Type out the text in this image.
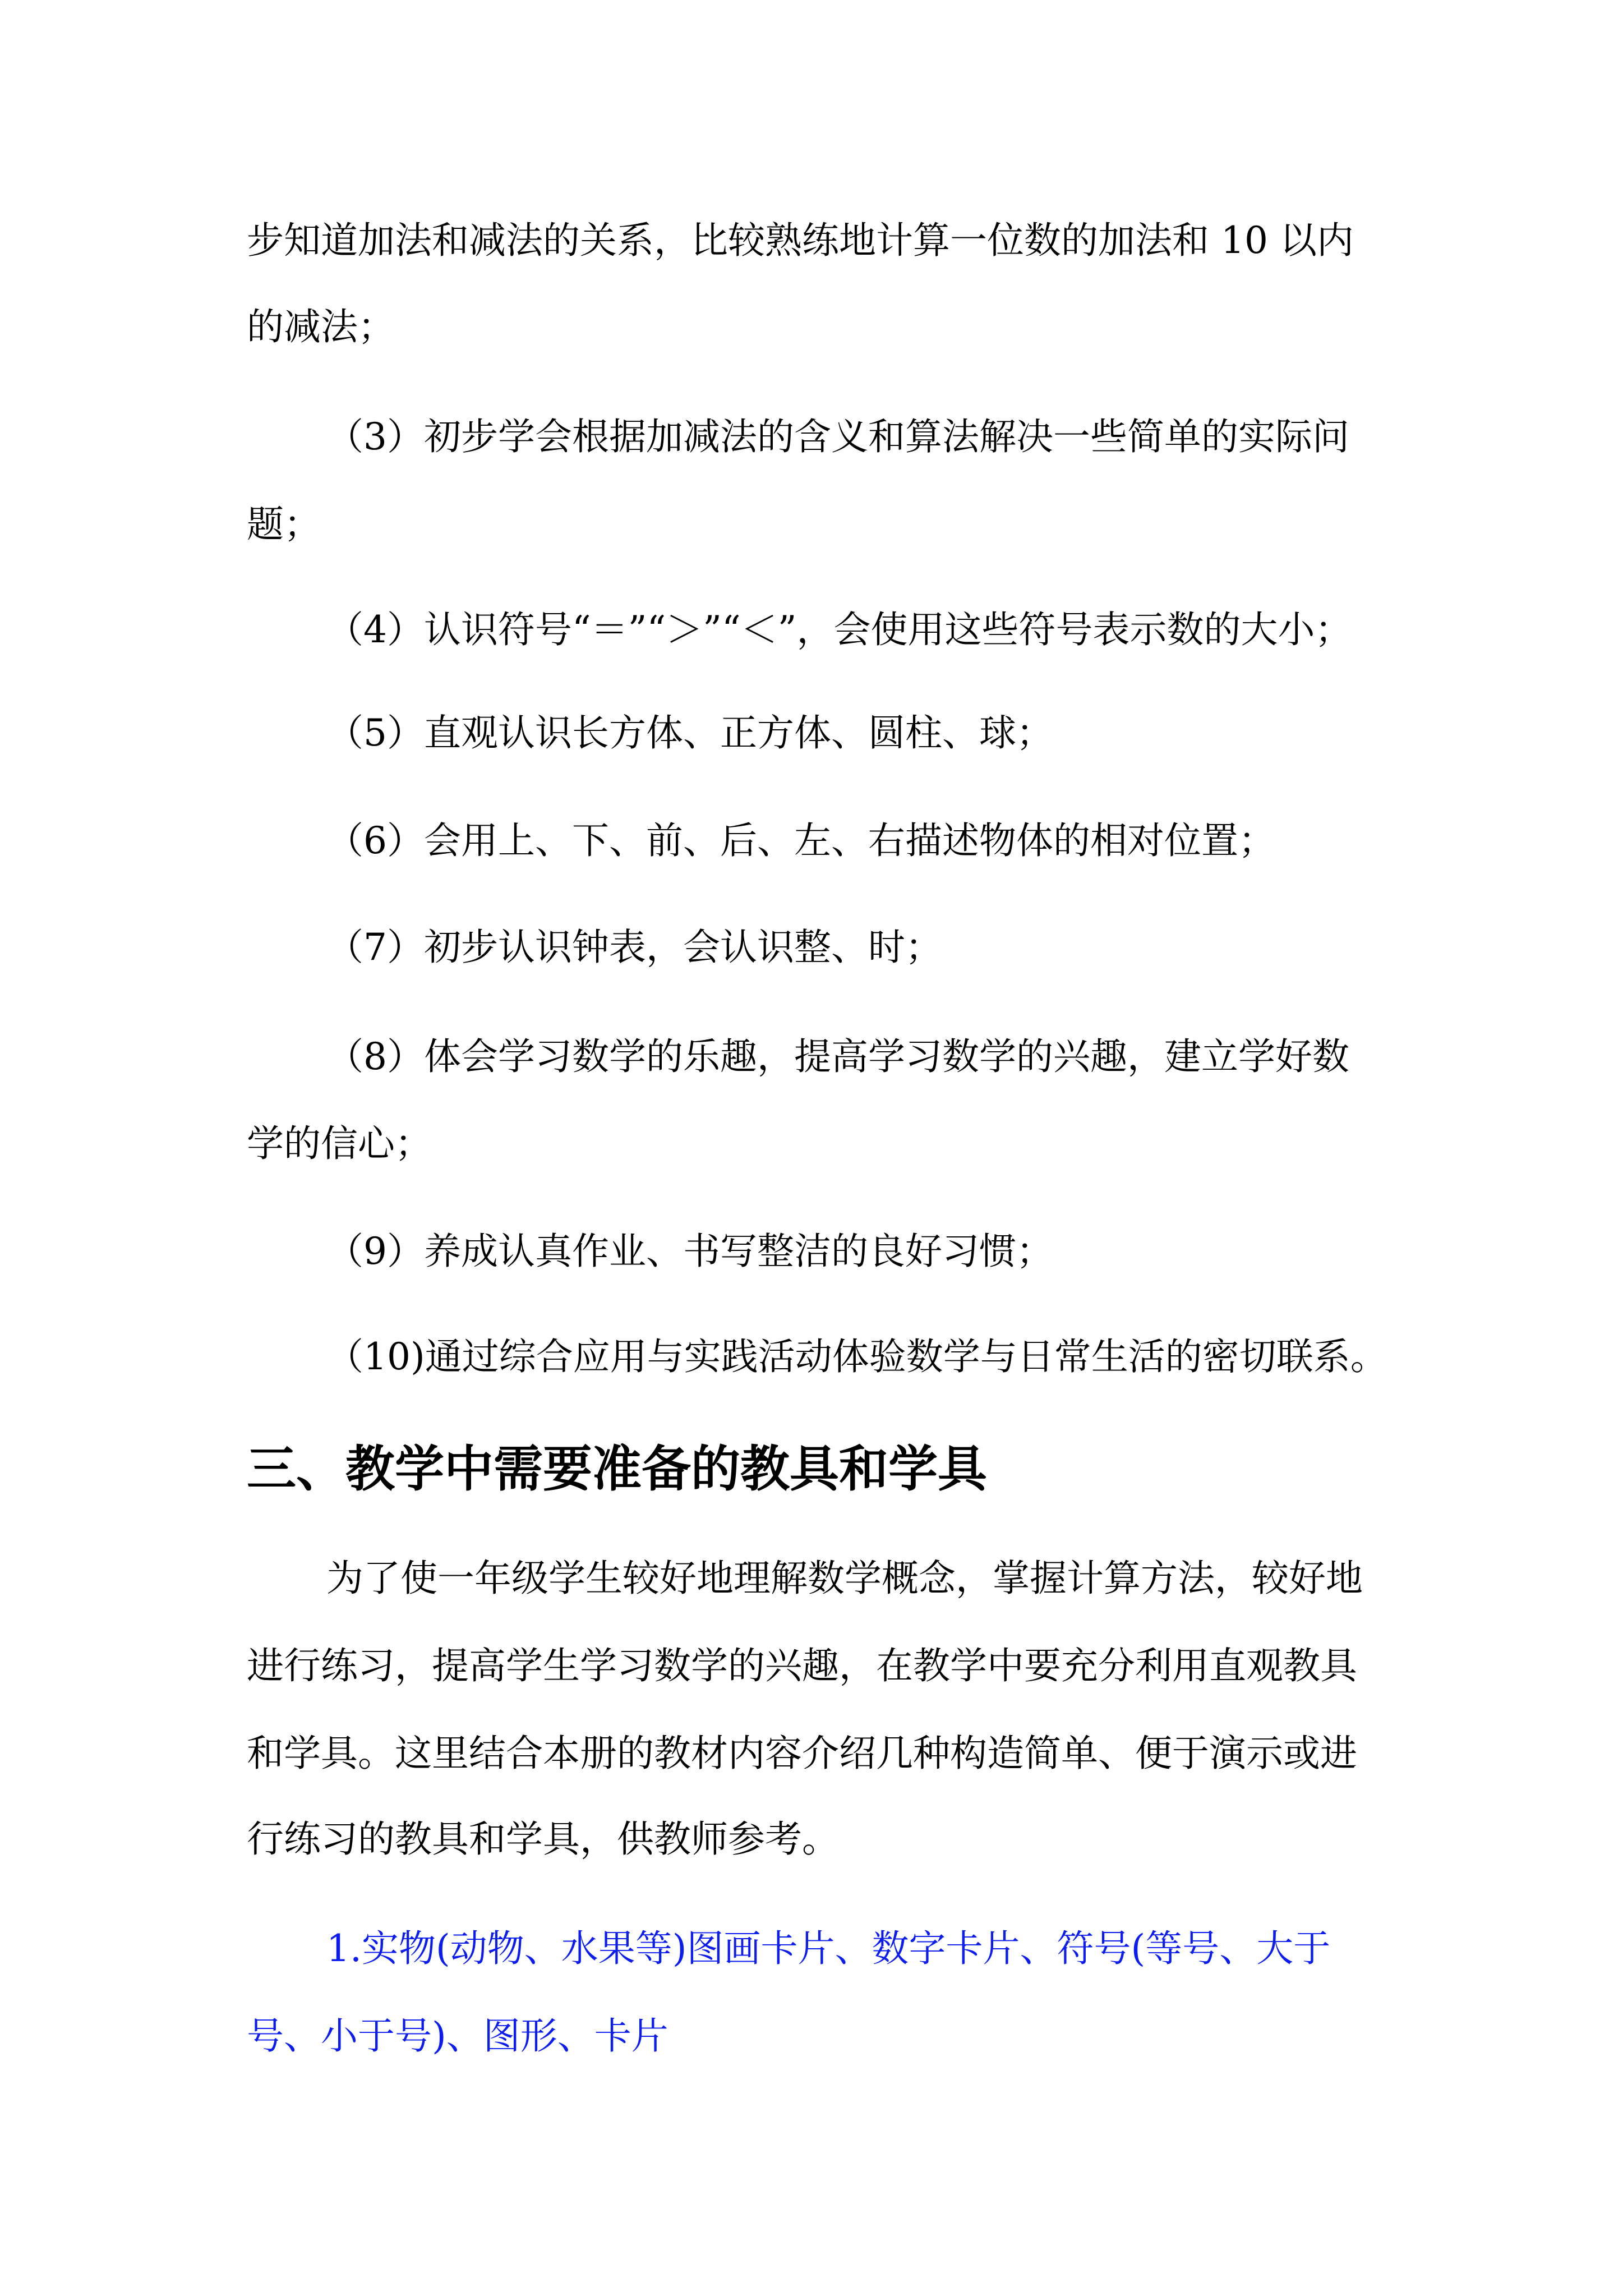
步知道加法和减法的关系，比较熟练地计算一位数的加法和 10 以内
的减法；
（3）初步学会根据加减法的含义和算法解决一些简单的实际问
题；
（4）认识符号“＝”“＞”“＜”，会使用这些符号表示数的大小；
（5）直观认识长方体、正方体、圆柱、球；
（6）会用上、下、前、后、左、右描述物体的相对位置；
（7）初步认识钟表，会认识整、时；
（8）体会学习数学的乐趣，提高学习数学的兴趣，建立学好数
学的信心；
（9）养成认真作业、书写整洁的良好习惯；
（10)通过综合应用与实践活动体验数学与日常生活的密切联系。
三、教学中需要准备的教具和学具
为了使一年级学生较好地理解数学概念，掌握计算方法，较好地
进行练习，提高学生学习数学的兴趣，在教学中要充分利用直观教具
和学具。这里结合本册的教材内容介绍几种构造简单、便于演示或进
行练习的教具和学具，供教师参考。
1.实物(动物、水果等)图画卡片、数字卡片、符号(等号、大于
号、小于号)、图形、卡片
